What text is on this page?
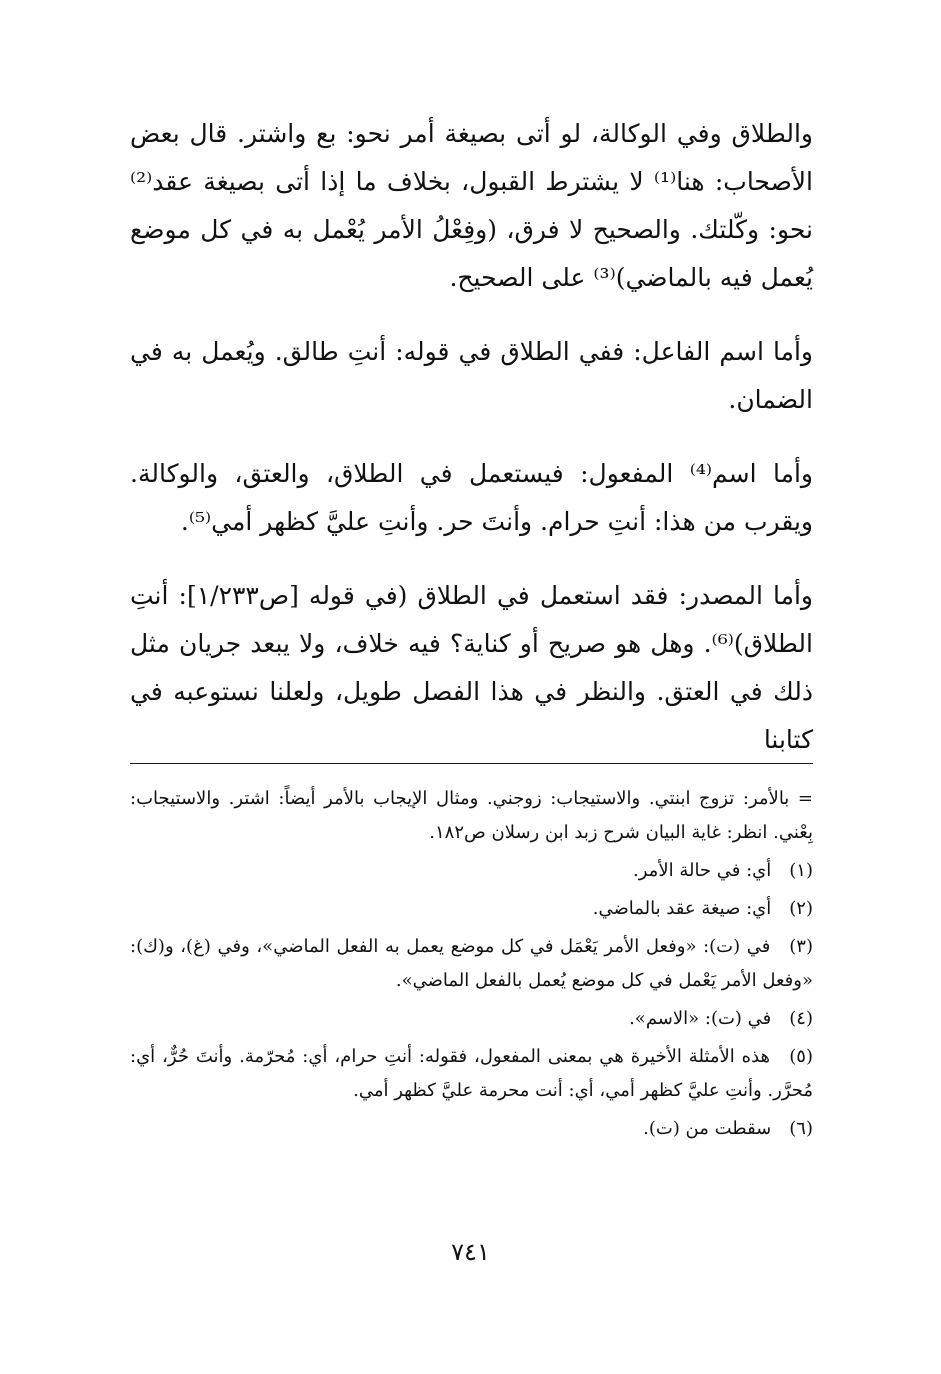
والطلاق وفي الوكالة، لو أتى بصيغة أمر نحو: بع واشتر. قال بعض الأصحاب: هنا⁽¹⁾ لا يشترط القبول، بخلاف ما إذا أتى بصيغة عقد⁽²⁾ نحو: وكّلتك. والصحيح لا فرق، (وفِعْلُ الأمر يُعْمل به في كل موضع يُعمل فيه بالماضي)⁽³⁾ على الصحيح.

وأما اسم الفاعل: ففي الطلاق في قوله: أنتِ طالق. ويُعمل به في الضمان.

وأما اسم⁽⁴⁾ المفعول: فيستعمل في الطلاق، والعتق، والوكالة. ويقرب من هذا: أنتِ حرام. وأنتَ حر. وأنتِ عليَّ كظهر أمي⁽⁵⁾.

وأما المصدر: فقد استعمل في الطلاق (في قوله [ص١/٢٣٣]: أنتِ الطلاق)⁽⁶⁾. وهل هو صريح أو كناية؟ فيه خلاف، ولا يبعد جريان مثل ذلك في العتق. والنظر في هذا الفصل طويل، ولعلنا نستوعبه في كتابنا

= بالأمر: تزوج ابنتي. والاستيجاب: زوجني. ومثال الإيجاب بالأمر أيضاً: اشتر. والاستيجاب: بِعْني. انظر: غاية البيان شرح زبد ابن رسلان ص١٨٢.

(١) أي: في حالة الأمر.

(٢) أي: صيغة عقد بالماضي.

(٣) في (ت): «وفعل الأمر يَعْمَل في كل موضع يعمل به الفعل الماضي»، وفي (غ)، و(ك): «وفعل الأمر يَعْمل في كل موضع يُعمل بالفعل الماضي».

(٤) في (ت): «الاسم».

(٥) هذه الأمثلة الأخيرة هي بمعنى المفعول، فقوله: أنتِ حرام، أي: مُحرّمة. وأنتَ حُرٌّ، أي: مُحرَّر. وأنتِ عليَّ كظهر أمي، أي: أنت محرمة عليَّ كظهر أمي.

(٦) سقطت من (ت).

٧٤١
